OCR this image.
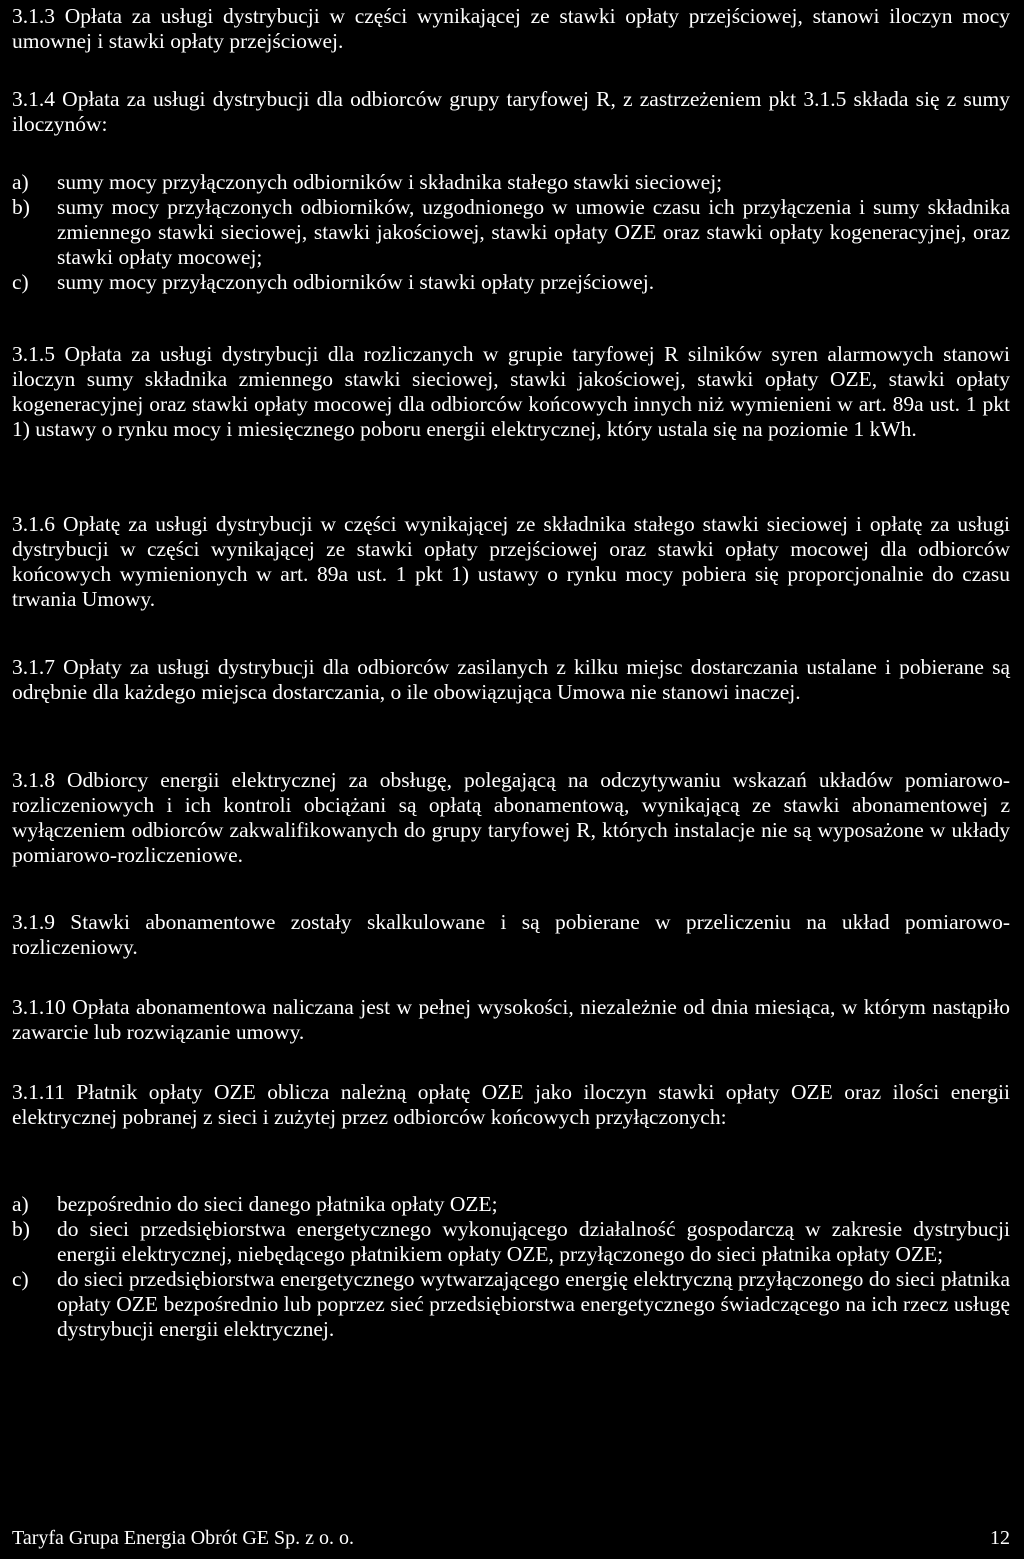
3.1.3 Opłata za usługi dystrybucji w części wynikającej ze stawki opłaty przejściowej, stanowi iloczyn mocy umownej i stawki opłaty przejściowej.

3.1.4 Opłata za usługi dystrybucji dla odbiorców grupy taryfowej R, z zastrzeżeniem pkt 3.1.5 składa się z sumy iloczynów:

a) sumy mocy przyłączonych odbiorników i składnika stałego stawki sieciowej;
b) sumy mocy przyłączonych odbiorników, uzgodnionego w umowie czasu ich przyłączenia i sumy składnika zmiennego stawki sieciowej, stawki jakościowej, stawki opłaty OZE oraz stawki opłaty kogeneracyjnej, oraz stawki opłaty mocowej;
c) sumy mocy przyłączonych odbiorników i stawki opłaty przejściowej.

3.1.5 Opłata za usługi dystrybucji dla rozliczanych w grupie taryfowej R silników syren alarmowych stanowi iloczyn sumy składnika zmiennego stawki sieciowej, stawki jakościowej, stawki opłaty OZE, stawki opłaty kogeneracyjnej oraz stawki opłaty mocowej dla odbiorców końcowych innych niż wymienieni w art. 89a ust. 1 pkt 1) ustawy o rynku mocy i miesięcznego poboru energii elektrycznej, który ustala się na poziomie 1 kWh.

3.1.6 Opłatę za usługi dystrybucji w części wynikającej ze składnika stałego stawki sieciowej i opłatę za usługi dystrybucji w części wynikającej ze stawki opłaty przejściowej oraz stawki opłaty mocowej dla odbiorców końcowych wymienionych w art. 89a ust. 1 pkt 1) ustawy o rynku mocy pobiera się proporcjonalnie do czasu trwania Umowy.

3.1.7 Opłaty za usługi dystrybucji dla odbiorców zasilanych z kilku miejsc dostarczania ustalane i pobierane są odrębnie dla każdego miejsca dostarczania, o ile obowiązująca Umowa nie stanowi inaczej.

3.1.8 Odbiorcy energii elektrycznej za obsługę, polegającą na odczytywaniu wskazań układów pomiarowo-rozliczeniowych i ich kontroli obciążani są opłatą abonamentową, wynikającą ze stawki abonamentowej z wyłączeniem odbiorców zakwalifikowanych do grupy taryfowej R, których instalacje nie są wyposażone w układy pomiarowo-rozliczeniowe.

3.1.9 Stawki abonamentowe zostały skalkulowane i są pobierane w przeliczeniu na układ pomiarowo-rozliczeniowy.

3.1.10 Opłata abonamentowa naliczana jest w pełnej wysokości, niezależnie od dnia miesiąca, w którym nastąpiło zawarcie lub rozwiązanie umowy.

3.1.11 Płatnik opłaty OZE oblicza należną opłatę OZE jako iloczyn stawki opłaty OZE oraz ilości energii elektrycznej pobranej z sieci i zużytej przez odbiorców końcowych przyłączonych:

a) bezpośrednio do sieci danego płatnika opłaty OZE;
b) do sieci przedsiębiorstwa energetycznego wykonującego działalność gospodarczą w zakresie dystrybucji energii elektrycznej, niebędącego płatnikiem opłaty OZE, przyłączonego do sieci płatnika opłaty OZE;
c) do sieci przedsiębiorstwa energetycznego wytwarzającego energię elektryczną przyłączonego do sieci płatnika opłaty OZE bezpośrednio lub poprzez sieć przedsiębiorstwa energetycznego świadczącego na ich rzecz usługę dystrybucji energii elektrycznej.
Taryfa Grupa Energia Obrót GE Sp. z o. o.	12
